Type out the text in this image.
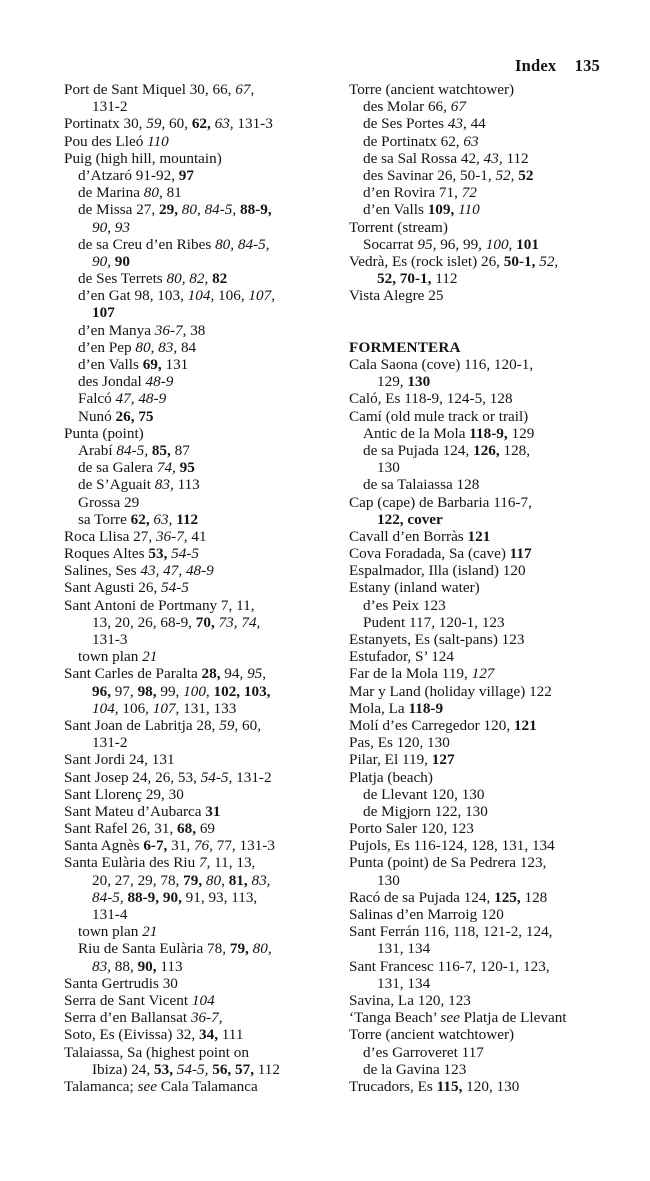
Index 135
Port de Sant Miquel 30, 66, 67,
131-2
Portinatx 30, 59, 60, 62, 63, 131-3
Pou des Lleó 110
Puig (high hill, mountain)
d’Atzaró 91-92, 97
de Marina 80, 81
de Missa 27, 29, 80, 84-5, 88-9,
90, 93
de sa Creu d’en Ribes 80, 84-5,
90, 90
de Ses Terrets 80, 82, 82
d’en Gat 98, 103, 104, 106, 107,
107
d’en Manya 36-7, 38
d’en Pep 80, 83, 84
d’en Valls 69, 131
des Jondal 48-9
Falcó 47, 48-9
Nunó 26, 75
Punta (point)
Arabí 84-5, 85, 87
de sa Galera 74, 95
de S’Aguait 83, 113
Grossa 29
sa Torre 62, 63, 112
Roca Llisa 27, 36-7, 41
Roques Altes 53, 54-5
Salines, Ses 43, 47, 48-9
Sant Agusti 26, 54-5
Sant Antoni de Portmany 7, 11,
13, 20, 26, 68-9, 70, 73, 74,
131-3
town plan 21
Sant Carles de Paralta 28, 94, 95,
96, 97, 98, 99, 100, 102, 103,
104, 106, 107, 131, 133
Sant Joan de Labritja 28, 59, 60,
131-2
Sant Jordi 24, 131
Sant Josep 24, 26, 53, 54-5, 131-2
Sant Llorenç 29, 30
Sant Mateu d’Aubarca 31
Sant Rafel 26, 31, 68, 69
Santa Agnès 6-7, 31, 76, 77, 131-3
Santa Eulària des Riu 7, 11, 13,
20, 27, 29, 78, 79, 80, 81, 83,
84-5, 88-9, 90, 91, 93, 113,
131-4
town plan 21
Riu de Santa Eulària 78, 79, 80,
83, 88, 90, 113
Santa Gertrudis 30
Serra de Sant Vicent 104
Serra d’en Ballansat 36-7,
Soto, Es (Eivissa) 32, 34, 111
Talaiassa, Sa (highest point on
Ibiza) 24, 53, 54-5, 56, 57, 112
Talamanca; see Cala Talamanca
Torre (ancient watchtower)
des Molar 66, 67
de Ses Portes 43, 44
de Portinatx 62, 63
de sa Sal Rossa 42, 43, 112
des Savinar 26, 50-1, 52, 52
d’en Rovira 71, 72
d’en Valls 109, 110
Torrent (stream)
Socarrat 95, 96, 99, 100, 101
Vedrà, Es (rock islet) 26, 50-1, 52,
52, 70-1, 112
Vista Alegre 25
FORMENTERA
Cala Saona (cove) 116, 120-1,
129, 130
Caló, Es 118-9, 124-5, 128
Camí (old mule track or trail)
Antic de la Mola 118-9, 129
de sa Pujada 124, 126, 128,
130
de sa Talaiassa 128
Cap (cape) de Barbaria 116-7,
122, cover
Cavall d’en Borràs 121
Cova Foradada, Sa (cave) 117
Espalmador, Illa (island) 120
Estany (inland water)
d’es Peix 123
Pudent 117, 120-1, 123
Estanyets, Es (salt-pans) 123
Estufador, S’ 124
Far de la Mola 119, 127
Mar y Land (holiday village) 122
Mola, La 118-9
Molí d’es Carregedor 120, 121
Pas, Es 120, 130
Pilar, El 119, 127
Platja (beach)
de Llevant 120, 130
de Migjorn 122, 130
Porto Saler 120, 123
Pujols, Es 116-124, 128, 131, 134
Punta (point) de Sa Pedrera 123,
130
Racó de sa Pujada 124, 125, 128
Salinas d’en Marroig 120
Sant Ferrán 116, 118, 121-2, 124,
131, 134
Sant Francesc 116-7, 120-1, 123,
131, 134
Savina, La 120, 123
‘Tanga Beach’ see Platja de Llevant
Torre (ancient watchtower)
d’es Garroveret 117
de la Gavina 123
Trucadors, Es 115, 120, 130
